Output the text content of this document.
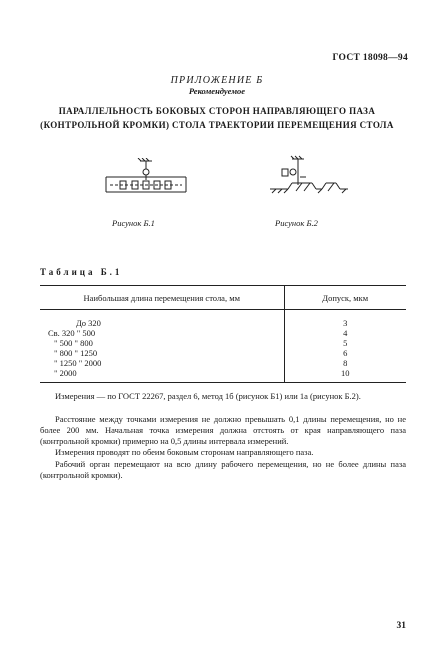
ГОСТ 18098—94
ПРИЛОЖЕНИЕ Б
Рекомендуемое
ПАРАЛЛЕЛЬНОСТЬ БОКОВЫХ СТОРОН НАПРАВЛЯЮЩЕГО ПАЗА
(КОНТРОЛЬНОЙ КРОМКИ) СТОЛА ТРАЕКТОРИИ ПЕРЕМЕЩЕНИЯ СТОЛА
Рисунок Б.1	Рисунок Б.2
Таблица Б.1
Наибольшая длина перемещения стола, мм	Допуск, мкм
До 320	3
Св. 320 " 500	4
" 500 " 800	5
" 800 " 1250	6
" 1250 " 2000	8
" 2000	10

Измерения — по ГОСТ 22267, раздел 6, метод 1б (рисунок Б1) или 1а (рисунок Б.2).

Расстояние между точками измерения не должно превышать 0,1 длины перемещения, но не более 200 мм. Начальная точка измерения должна отстоять от края направляющего паза (контрольной кромки) примерно на 0,5 длины интервала измерений.

Измерения проводят по обеим боковым сторонам направляющего паза.

Рабочий орган перемещают на всю длину рабочего перемещения, но не более длины паза (контрольной кромки).

31
